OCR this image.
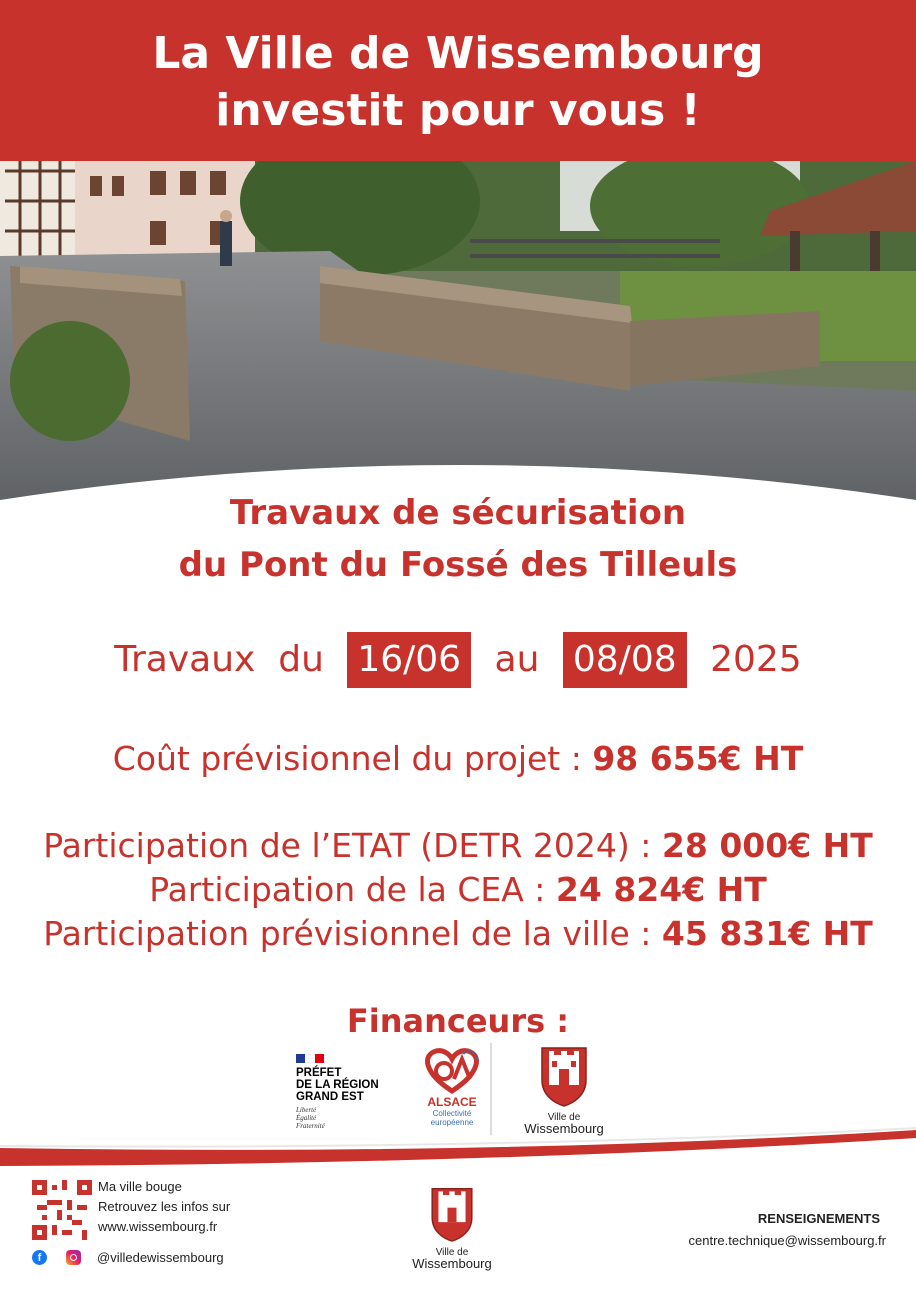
La Ville de Wissembourg
investit pour vous !
Travaux de sécurisation
du Pont du Fossé des Tilleuls
Travaux  du 16/06 au 08/08 2025
Coût prévisionnel du projet : 98 655€ HT
Participation de l’ETAT (DETR 2024) : 28 000€ HT
Participation de la CEA : 24 824€ HT
Participation prévisionnel de la ville : 45 831€ HT
Financeurs :
PRÉFET
DE LA RÉGION
GRAND EST
Liberté
Égalité
Fraternité
ALSACE
Collectivité
européenne	Ville de
Wissembourg
Ma ville bouge
Retrouvez les infos sur
www.wissembourg.fr
f	@villedewissembourg	Ville de
Wissembourg
RENSEIGNEMENTS
centre.technique@wissembourg.fr
